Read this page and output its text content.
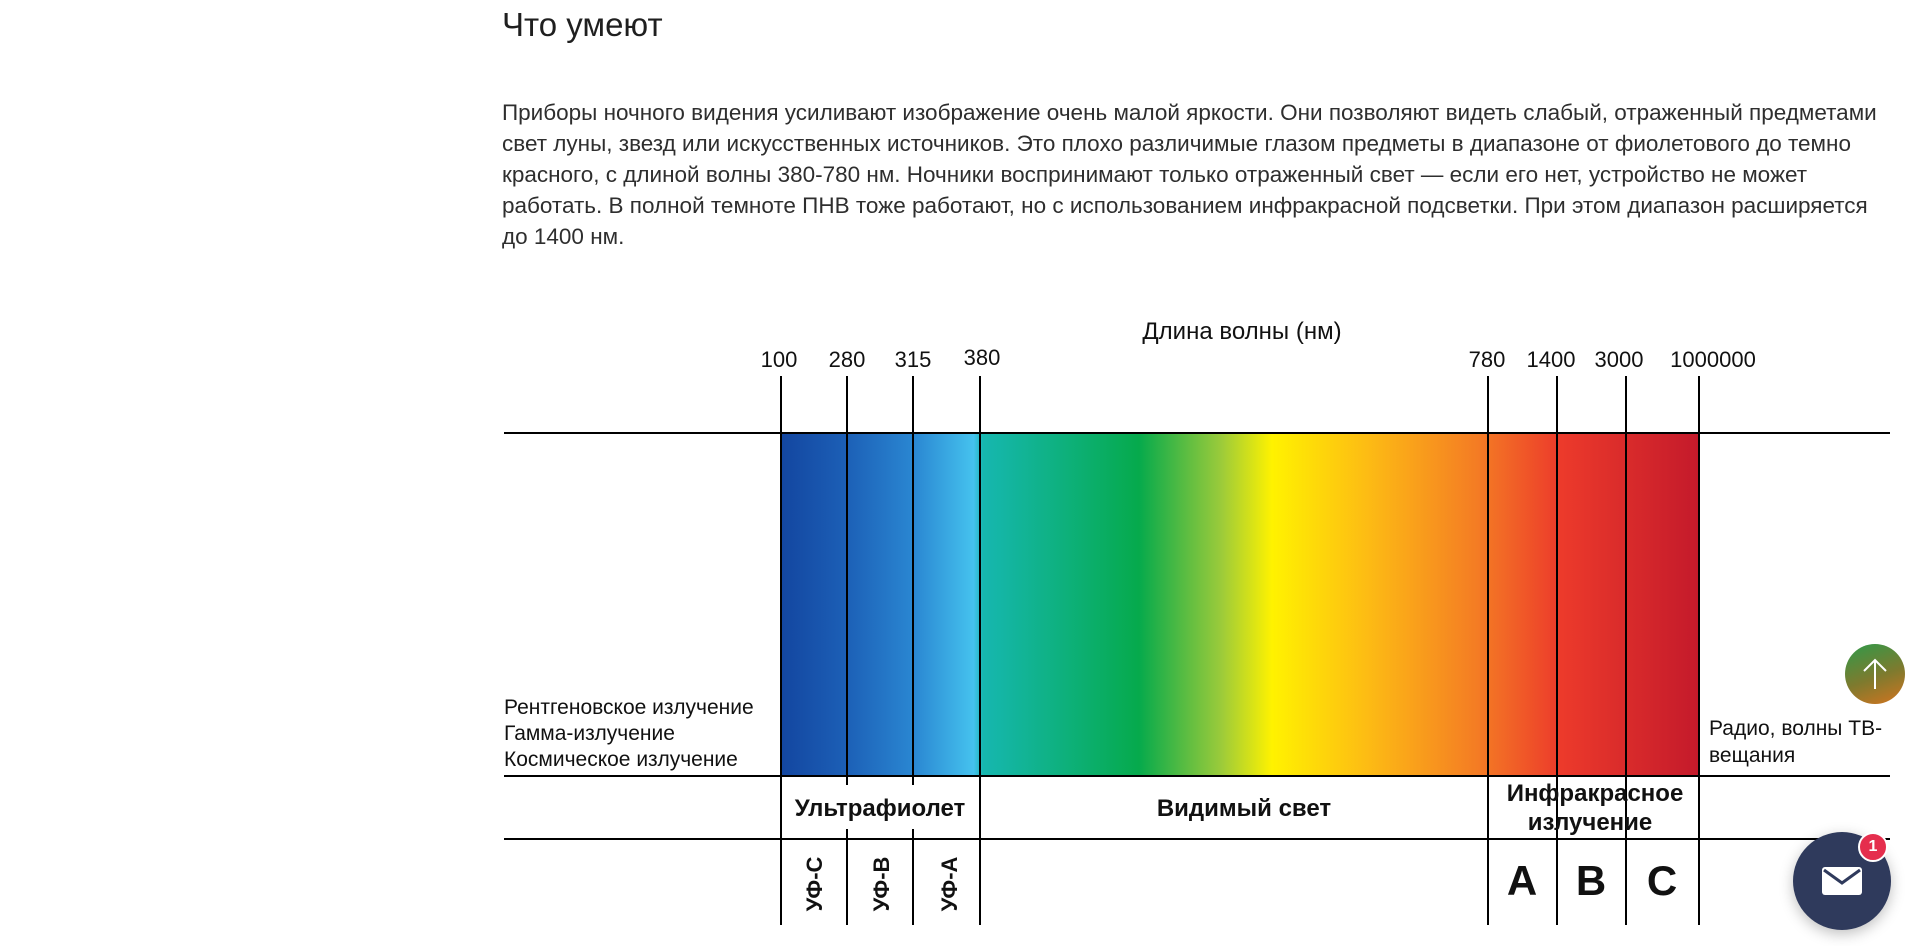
Что умеют

Приборы ночного видения усиливают изображение очень малой яркости. Они позволяют видеть слабый, отраженный предметами свет луны, звезд или искусственных источников. Это плохо различимые глазом предметы в диапазоне от фиолетового до темно красного, с длиной волны 380-780 нм. Ночники воспринимают только отраженный свет — если его нет, устройство не может работать. В полной темноте ПНВ тоже работают, но с использованием инфракрасной подсветки. При этом диапазон расширяется до 1400 нм.

Длина волны (нм)
100 280 315 380	780 1400 3000 1000000
Рентгеновское излучение
Гамма-излучение
Космическое излучение
Радио, волны ТВ-
вещания
Ультрафиолет	Видимый свет
Инфракрасное
излучение
УФ-С УФ-В УФ-А	A B C
1
